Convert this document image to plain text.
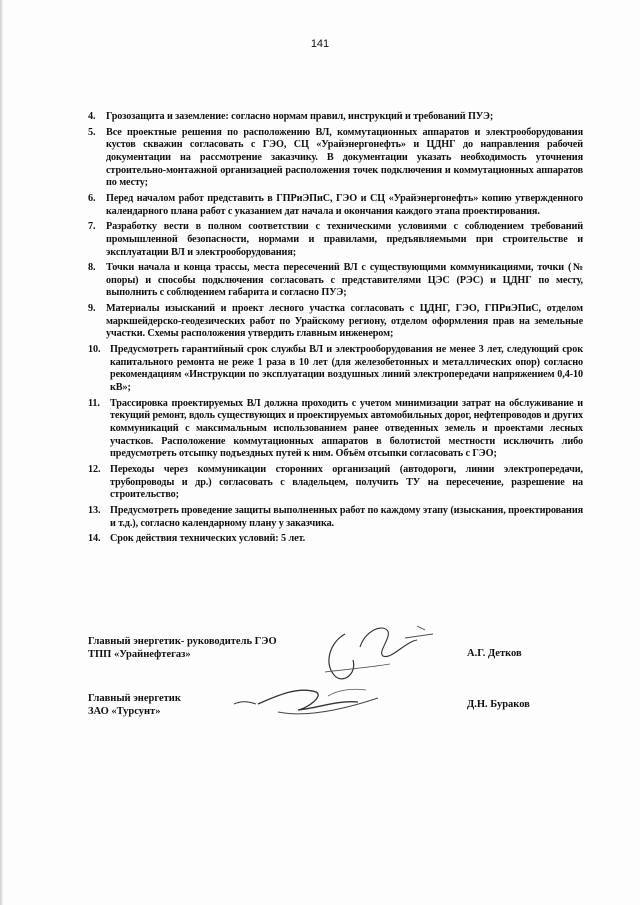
141
4. Грозозащита и заземление: согласно нормам правил, инструкций и требований ПУЭ;
5. Все проектные решения по расположению ВЛ, коммутационных аппаратов и электрооборудования кустов скважин согласовать с ГЭО, СЦ «Урайэнергонефть» и ЦДНГ до направления рабочей документации на рассмотрение заказчику. В документации указать необходимость уточнения строительно-монтажной организацией расположения точек подключения и коммутационных аппаратов по месту;
6. Перед началом работ представить в ГПРиЭПиС, ГЭО и СЦ «Урайэнергонефть» копию утвержденного календарного плана работ с указанием дат начала и окончания каждого этапа проектирования.
7. Разработку вести в полном соответствии с техническими условиями с соблюдением требований промышленной безопасности, нормами и правилами, предъявляемыми при строительстве и эксплуатации ВЛ и электрооборудования;
8. Точки начала и конца трассы, места пересечений ВЛ с существующими коммуникациями, точки (№ опоры) и способы подключения согласовать с представителями ЦЭС (РЭС) и ЦДНГ по месту, выполнить с соблюдением габарита и согласно ПУЭ;
9. Материалы изысканий и проект лесного участка согласовать с ЦДНГ, ГЭО, ГПРиЭПиС, отделом маркшейдерско-геодезических работ по Урайскому региону, отделом оформления прав на земельные участки. Схемы расположения утвердить главным инженером;
10. Предусмотреть гарантийный срок службы ВЛ и электрооборудования не менее 3 лет, следующий срок капитального ремонта не реже 1 раза в 10 лет (для железобетонных и металлических опор) согласно рекомендациям «Инструкции по эксплуатации воздушных линий электропередачи напряжением 0,4-10 кВ»;
11. Трассировка проектируемых ВЛ должна проходить с учетом минимизации затрат на обслуживание и текущий ремонт, вдоль существующих и проектируемых автомобильных дорог, нефтепроводов и других коммуникаций с максимальным использованием ранее отведенных земель и проектами лесных участков. Расположение коммутационных аппаратов в болотистой местности исключить либо предусмотреть отсыпку подъездных путей к ним. Объём отсыпки согласовать с ГЭО;
12. Переходы через коммуникации сторонних организаций (автодороги, линии электропередачи, трубопроводы и др.) согласовать с владельцем, получить ТУ на пересечение, разрешение на строительство;
13. Предусмотреть проведение защиты выполненных работ по каждому этапу (изыскания, проектирования и т.д.), согласно календарному плану у заказчика.
14. Срок действия технических условий: 5 лет.
Главный энергетик- руководитель ГЭО
ТПП «Урайнефтегаз»	А.Г. Детков
Главный энергетик
ЗАО «Турсунт»
Д.Н. Бураков
